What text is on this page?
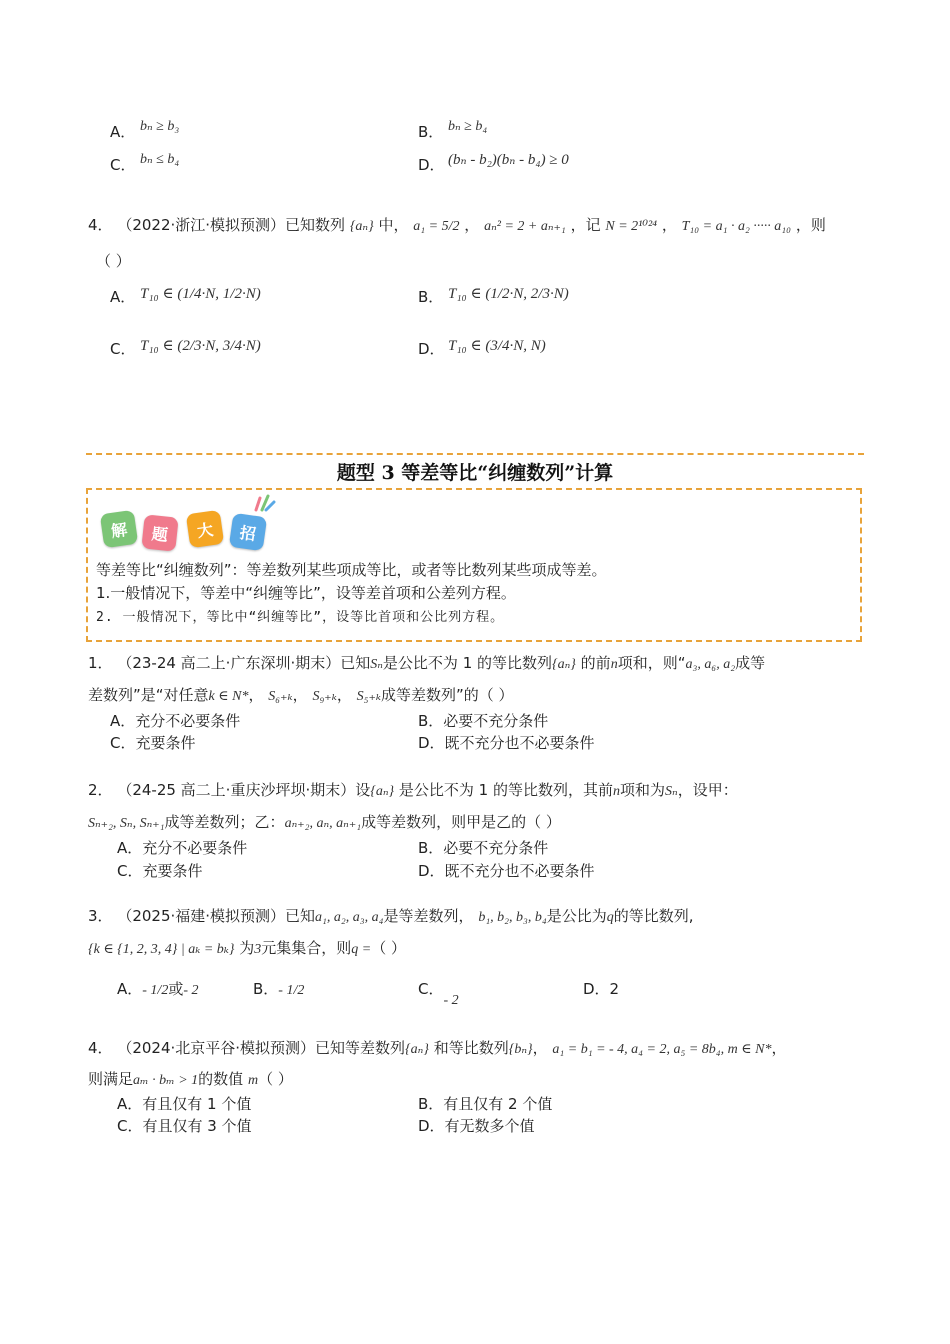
A． bₙ ≥ b₃	B． bₙ ≥ b₄
C． bₙ ≤ b₄	D． (bₙ - b₂)(bₙ - b₄) ≥ 0
4． （2022·浙江·模拟预测）已知数列 {aₙ} 中， a₁ = 5/2 ， aₙ² = 2 + aₙ₊₁ ，记 N = 2¹⁰²⁴ ， T₁₀ = a₁ · a₂ ····· a₁₀ ，则
（ ）
A． T₁₀ ∈ (1/4·N, 1/2·N)	B． T₁₀ ∈ (1/2·N, 2/3·N)
C． T₁₀ ∈ (2/3·N, 3/4·N)	D． T₁₀ ∈ (3/4·N, N)
题型 3 等差等比“纠缠数列”计算
解	题	大	招
等差等比“纠缠数列”：等差数列某些项成等比，或者等比数列某些项成等差。
1.一般情况下，等差中“纠缠等比”，设等差首项和公差列方程。
2. 一般情况下，等比中“纠缠等比”，设等比首项和公比列方程。
1． （23-24 高二上·广东深圳·期末）已知Sₙ是公比不为 1 的等比数列{aₙ} 的前n项和，则“a₃, a₆, a₂成等
差数列”是“对任意k ∈ N*， S₆₊ₖ， S₉₊ₖ， S₅₊ₖ成等差数列”的（ ）
A．充分不必要条件	B．必要不充分条件
C．充要条件	D．既不充分也不必要条件
2． （24-25 高二上·重庆沙坪坝·期末）设{aₙ} 是公比不为 1 的等比数列，其前n项和为Sₙ，设甲：
Sₙ₊₂, Sₙ, Sₙ₊₁成等差数列；乙：aₙ₊₂, aₙ, aₙ₊₁成等差数列，则甲是乙的（ ）
A．充分不必要条件	B．必要不充分条件
C．充要条件	D．既不充分也不必要条件
3． （2025·福建·模拟预测）已知a₁, a₂, a₃, a₄是等差数列， b₁, b₂, b₃, b₄是公比为q的等比数列,
{k ∈ {1, 2, 3, 4} | aₖ = bₖ} 为3元集集合，则q =（ ）
A．- 1/2或- 2	B．- 1/2	C．- 2
D．2
4． （2024·北京平谷·模拟预测）已知等差数列{aₙ} 和等比数列{bₙ}， a₁ = b₁ = - 4, a₄ = 2, a₅ = 8b₄, m ∈ N*，
则满足aₘ · bₘ > 1的数值 m（ ）
A．有且仅有 1 个值	B．有且仅有 2 个值
C．有且仅有 3 个值	D．有无数多个值
